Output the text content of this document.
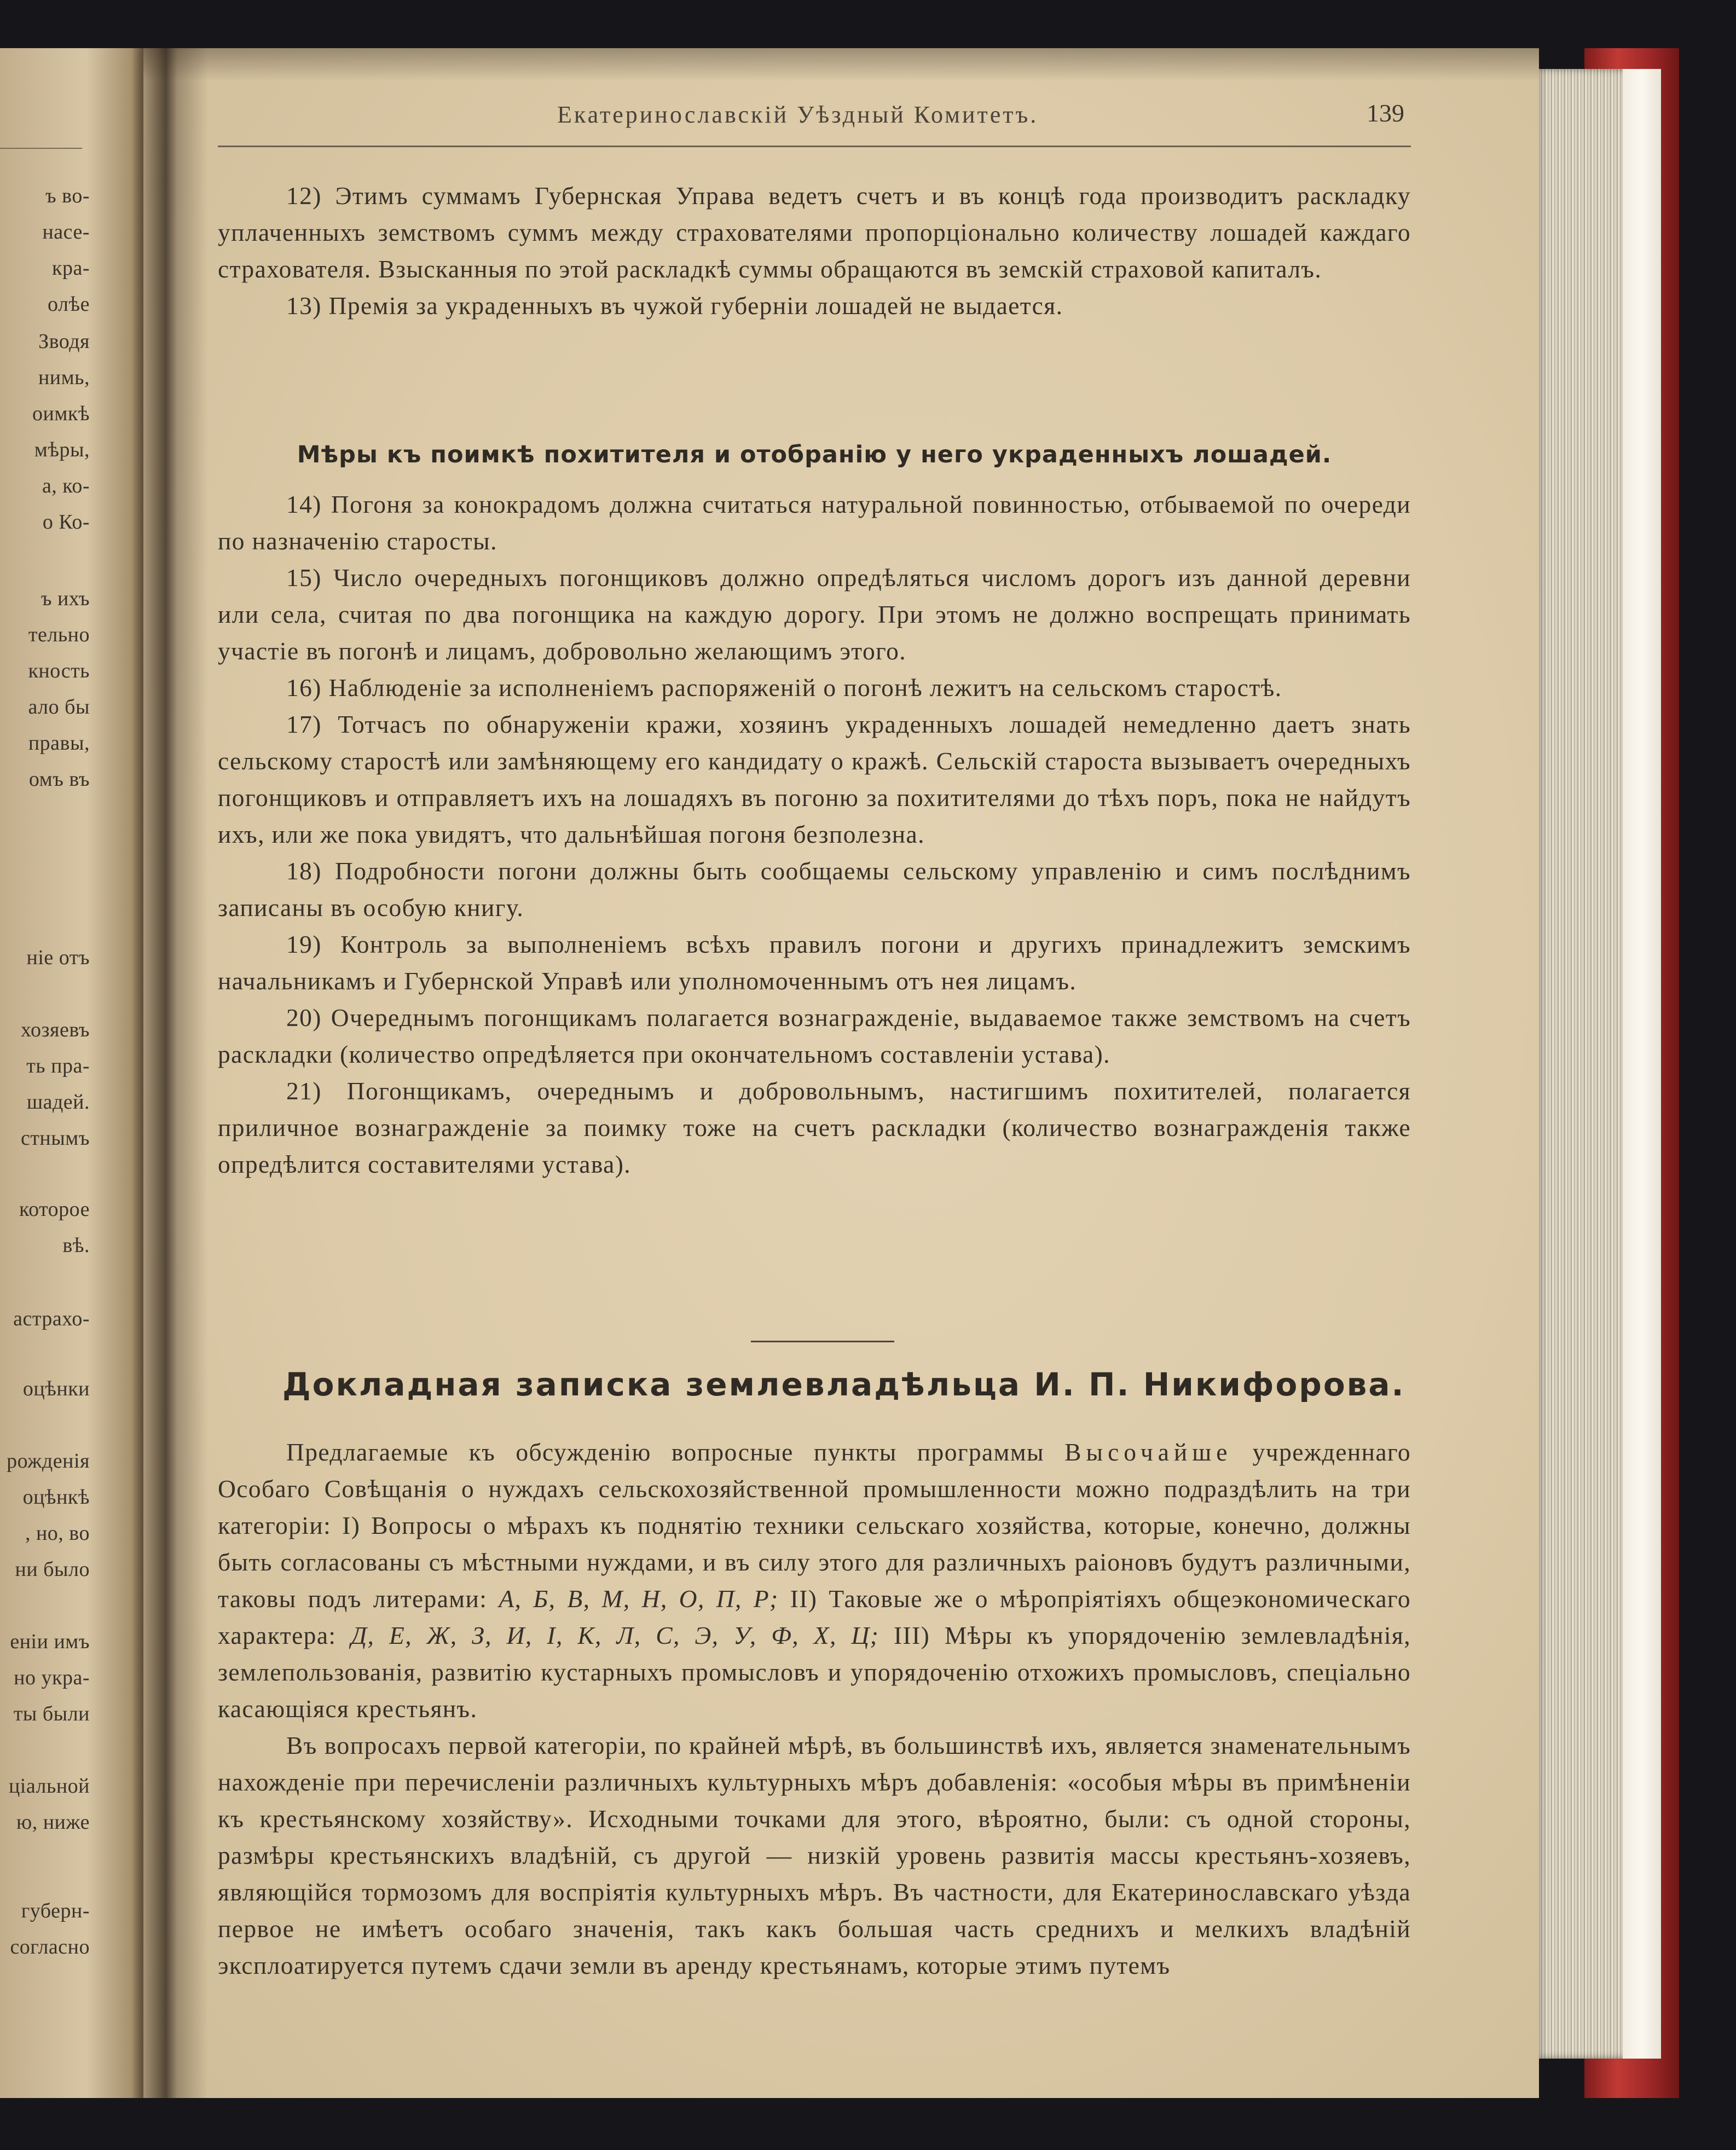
ъ во-
насе-
кра-
олѣе
Зводя
нимь,
оимкѣ
мѣры,
а, ко-
о Ко-
ъ ихъ
тельно
кность
ало бы
правы,
омъ въ
ніе отъ
хозяевъ
ть пра-
шадей.
стнымъ
которое
вѣ.
астрахо-
оцѣнки
рожденія
оцѣнкѣ
, но, во
ни было
еніи имъ
но укра-
ты были
ціальной
ю, ниже
губерн-
согласно
Екатеринославскій Уѣздный Комитетъ.	139

12) Этимъ суммамъ Губернская Управа ведетъ счетъ и въ концѣ года производитъ раскладку уплаченныхъ земствомъ суммъ между страхователями пропорціонально количеству лошадей каждаго страхователя. Взысканныя по этой раскладкѣ суммы обращаются въ земскій страховой капиталъ.

13) Премія за украденныхъ въ чужой губерніи лошадей не выдается.

Мѣры къ поимкѣ похитителя и отобранію у него украденныхъ лошадей.

14) Погоня за конокрадомъ должна считаться натуральной повинностью, отбываемой по очереди по назначенію старосты.

15) Число очередныхъ погонщиковъ должно опредѣляться числомъ дорогъ изъ данной деревни или села, считая по два погонщика на каждую дорогу. При этомъ не должно воспрещать принимать участіе въ погонѣ и лицамъ, добровольно желающимъ этого.

16) Наблюденіе за исполненіемъ распоряженій о погонѣ лежитъ на сельскомъ старостѣ.

17) Тотчасъ по обнаруженіи кражи, хозяинъ украденныхъ лошадей немедленно даетъ знать сельскому старостѣ или замѣняющему его кандидату о кражѣ. Сельскій староста вызываетъ очередныхъ погонщиковъ и отправляетъ ихъ на лошадяхъ въ погоню за похитителями до тѣхъ поръ, пока не найдутъ ихъ, или же пока увидятъ, что дальнѣйшая погоня безполезна.

18) Подробности погони должны быть сообщаемы сельскому управленію и симъ послѣднимъ записаны въ особую книгу.

19) Контроль за выполненіемъ всѣхъ правилъ погони и другихъ принадлежитъ земскимъ начальникамъ и Губернской Управѣ или уполномоченнымъ отъ нея лицамъ.

20) Очереднымъ погонщикамъ полагается вознагражденіе, выдаваемое также земствомъ на счетъ раскладки (количество опредѣляется при окончательномъ составленіи устава).

21) Погонщикамъ, очереднымъ и добровольнымъ, настигшимъ похитителей, полагается приличное вознагражденіе за поимку тоже на счетъ раскладки (количество вознагражденія также опредѣлится составителями устава).

Докладная записка землевладѣльца И. П. Никифорова.

Предлагаемые къ обсужденію вопросные пункты программы Высочайше учрежденнаго Особаго Совѣщанія о нуждахъ сельскохозяйственной промышленности можно подраздѣлить на три категоріи: I) Вопросы о мѣрахъ къ поднятію техники сельскаго хозяйства, которые, конечно, должны быть согласованы съ мѣстными нуждами, и въ силу этого для различныхъ раіоновъ будутъ различными, таковы подъ литерами: А, Б, В, М, Н, О, П, Р; II) Таковые же о мѣропріятіяхъ общеэкономическаго характера: Д, Е, Ж, З, И, І, К, Л, С, Э, У, Ф, Х, Ц; III) Мѣры къ упорядоченію землевладѣнія, землепользованія, развитію кустарныхъ промысловъ и упорядоченію отхожихъ промысловъ, спеціально касающіяся крестьянъ.

Въ вопросахъ первой категоріи, по крайней мѣрѣ, въ большинствѣ ихъ, является знаменательнымъ нахожденіе при перечисленіи различныхъ культурныхъ мѣръ добавленія: «особыя мѣры въ примѣненіи къ крестьянскому хозяйству». Исходными точками для этого, вѣроятно, были: съ одной стороны, размѣры крестьянскихъ владѣній, съ другой — низкій уровень развитія массы крестьянъ-хозяевъ, являющійся тормозомъ для воспріятія культурныхъ мѣръ. Въ частности, для Екатеринославскаго уѣзда первое не имѣетъ особаго значенія, такъ какъ большая часть среднихъ и мелкихъ владѣній эксплоатируется путемъ сдачи земли въ аренду крестьянамъ, которые этимъ путемъ
